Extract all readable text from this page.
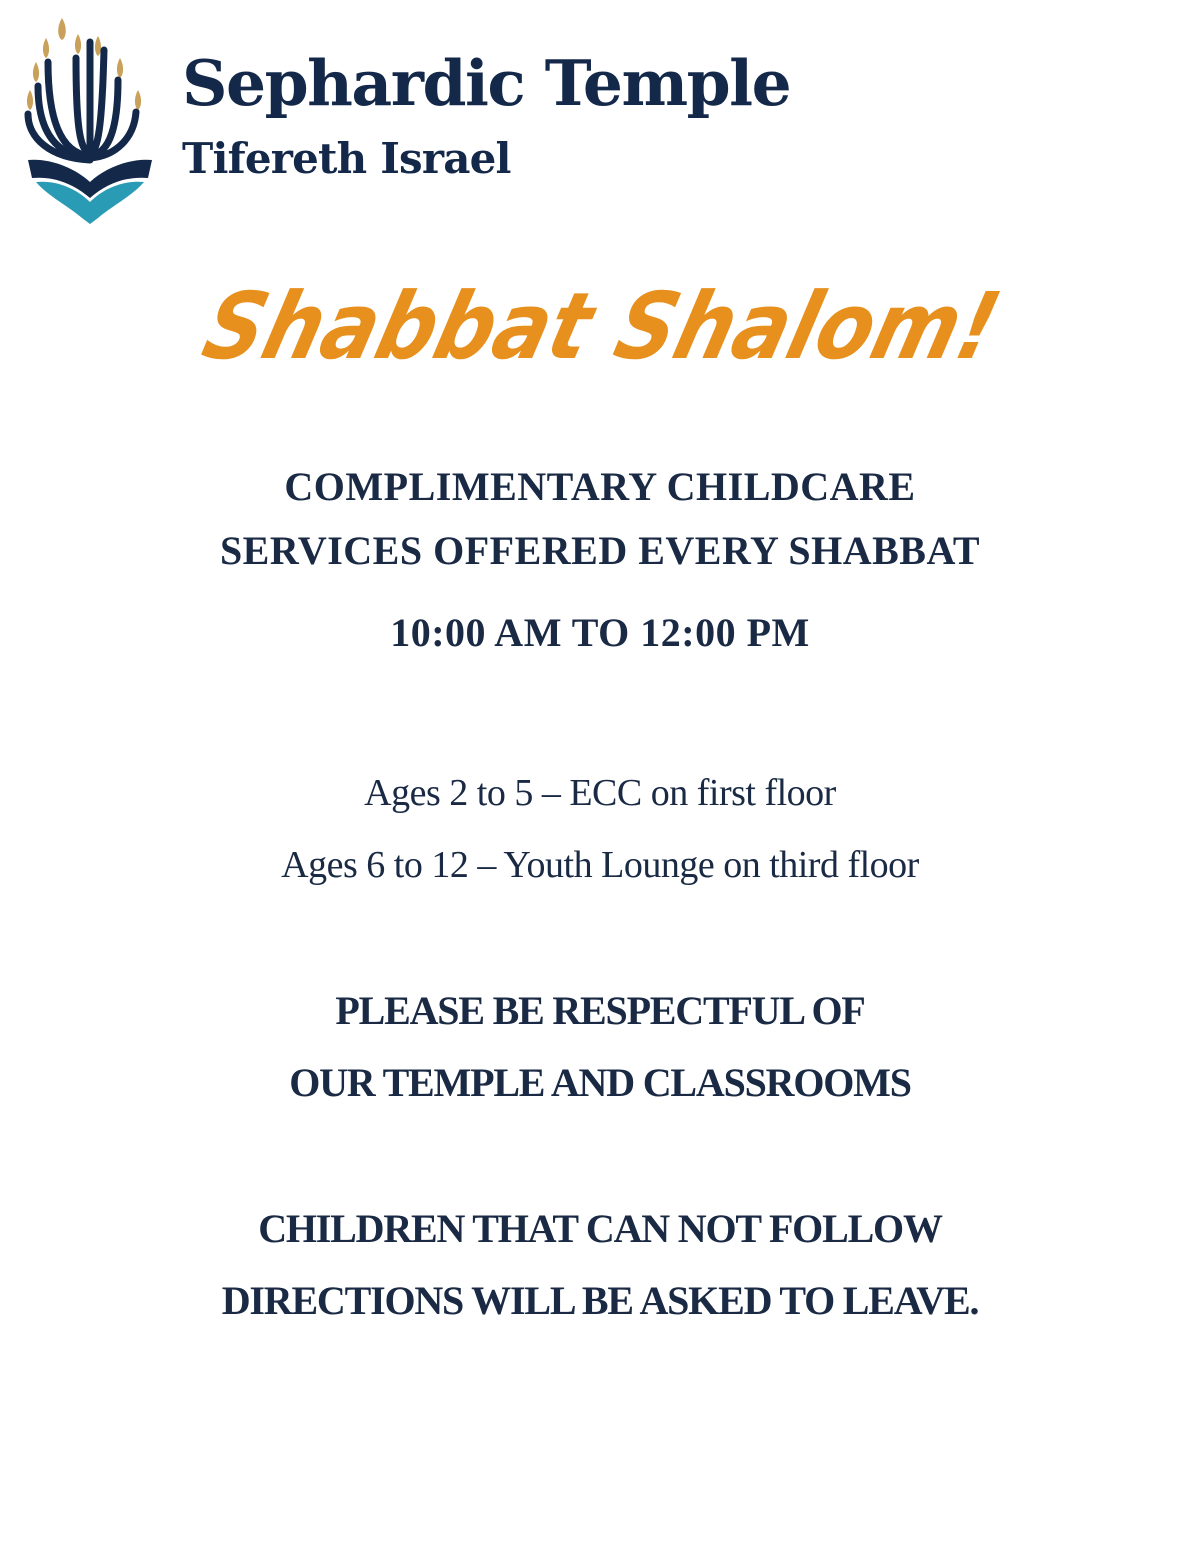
Sephardic Temple
Tifereth Israel
Shabbat Shalom!
COMPLIMENTARY CHILDCARE
SERVICES OFFERED EVERY SHABBAT
10:00 AM TO 12:00 PM
Ages 2 to 5 – ECC on first floor
Ages 6 to 12 – Youth Lounge on third floor
PLEASE BE RESPECTFUL OF
OUR TEMPLE AND CLASSROOMS
CHILDREN THAT CAN NOT FOLLOW
DIRECTIONS WILL BE ASKED TO LEAVE.
